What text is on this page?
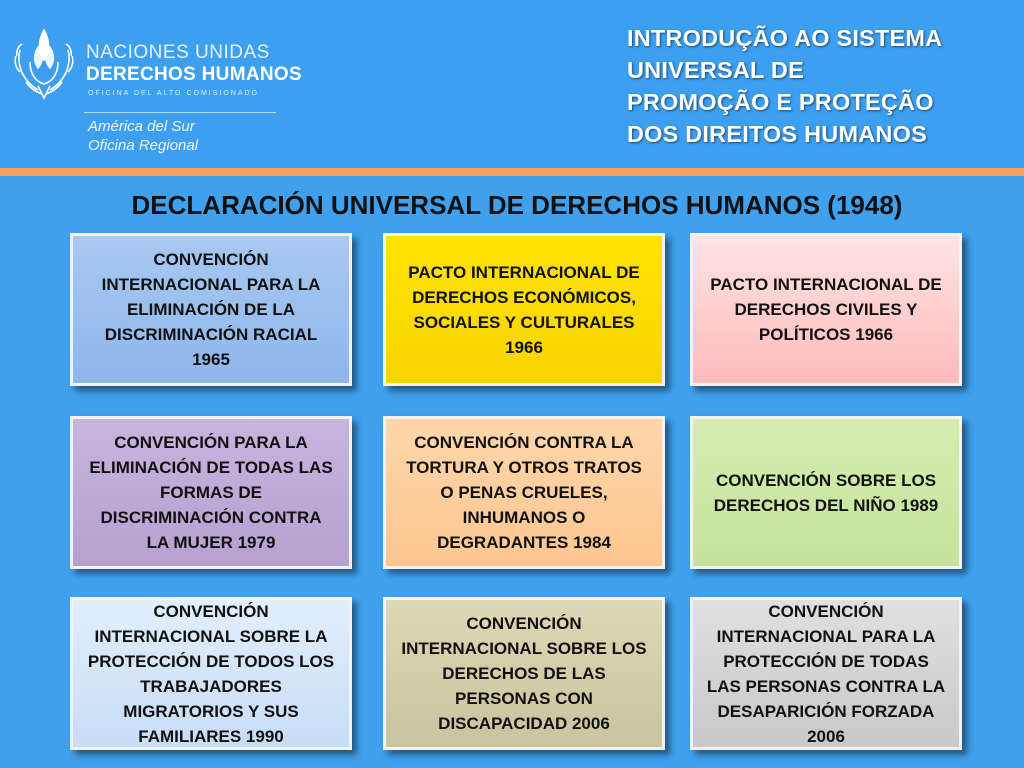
NACIONES UNIDAS
DERECHOS HUMANOS
OFICINA DEL ALTO COMISIONADO
América del Sur
Oficina Regional
INTRODUÇÃO AO SISTEMA
UNIVERSAL DE
PROMOÇÃO E PROTEÇÃO
DOS DIREITOS HUMANOS
DECLARACIÓN UNIVERSAL DE DERECHOS HUMANOS (1948)
CONVENCIÓN
INTERNACIONAL PARA LA
ELIMINACIÓN DE LA
DISCRIMINACIÓN RACIAL
1965
PACTO INTERNACIONAL DE
DERECHOS ECONÓMICOS,
SOCIALES Y CULTURALES
1966
PACTO INTERNACIONAL DE
DERECHOS CIVILES Y
POLÍTICOS 1966
CONVENCIÓN PARA LA
ELIMINACIÓN DE TODAS LAS
FORMAS DE
DISCRIMINACIÓN CONTRA
LA MUJER 1979
CONVENCIÓN CONTRA LA
TORTURA Y OTROS TRATOS
O PENAS CRUELES,
INHUMANOS O
DEGRADANTES 1984
CONVENCIÓN SOBRE LOS
DERECHOS DEL NIÑO 1989
CONVENCIÓN
INTERNACIONAL SOBRE LA
PROTECCIÓN DE TODOS LOS
TRABAJADORES
MIGRATORIOS Y SUS
FAMILIARES 1990
CONVENCIÓN
INTERNACIONAL SOBRE LOS
DERECHOS DE LAS
PERSONAS CON
DISCAPACIDAD 2006
CONVENCIÓN
INTERNACIONAL PARA LA
PROTECCIÓN DE TODAS
LAS PERSONAS CONTRA LA
DESAPARICIÓN FORZADA
2006
